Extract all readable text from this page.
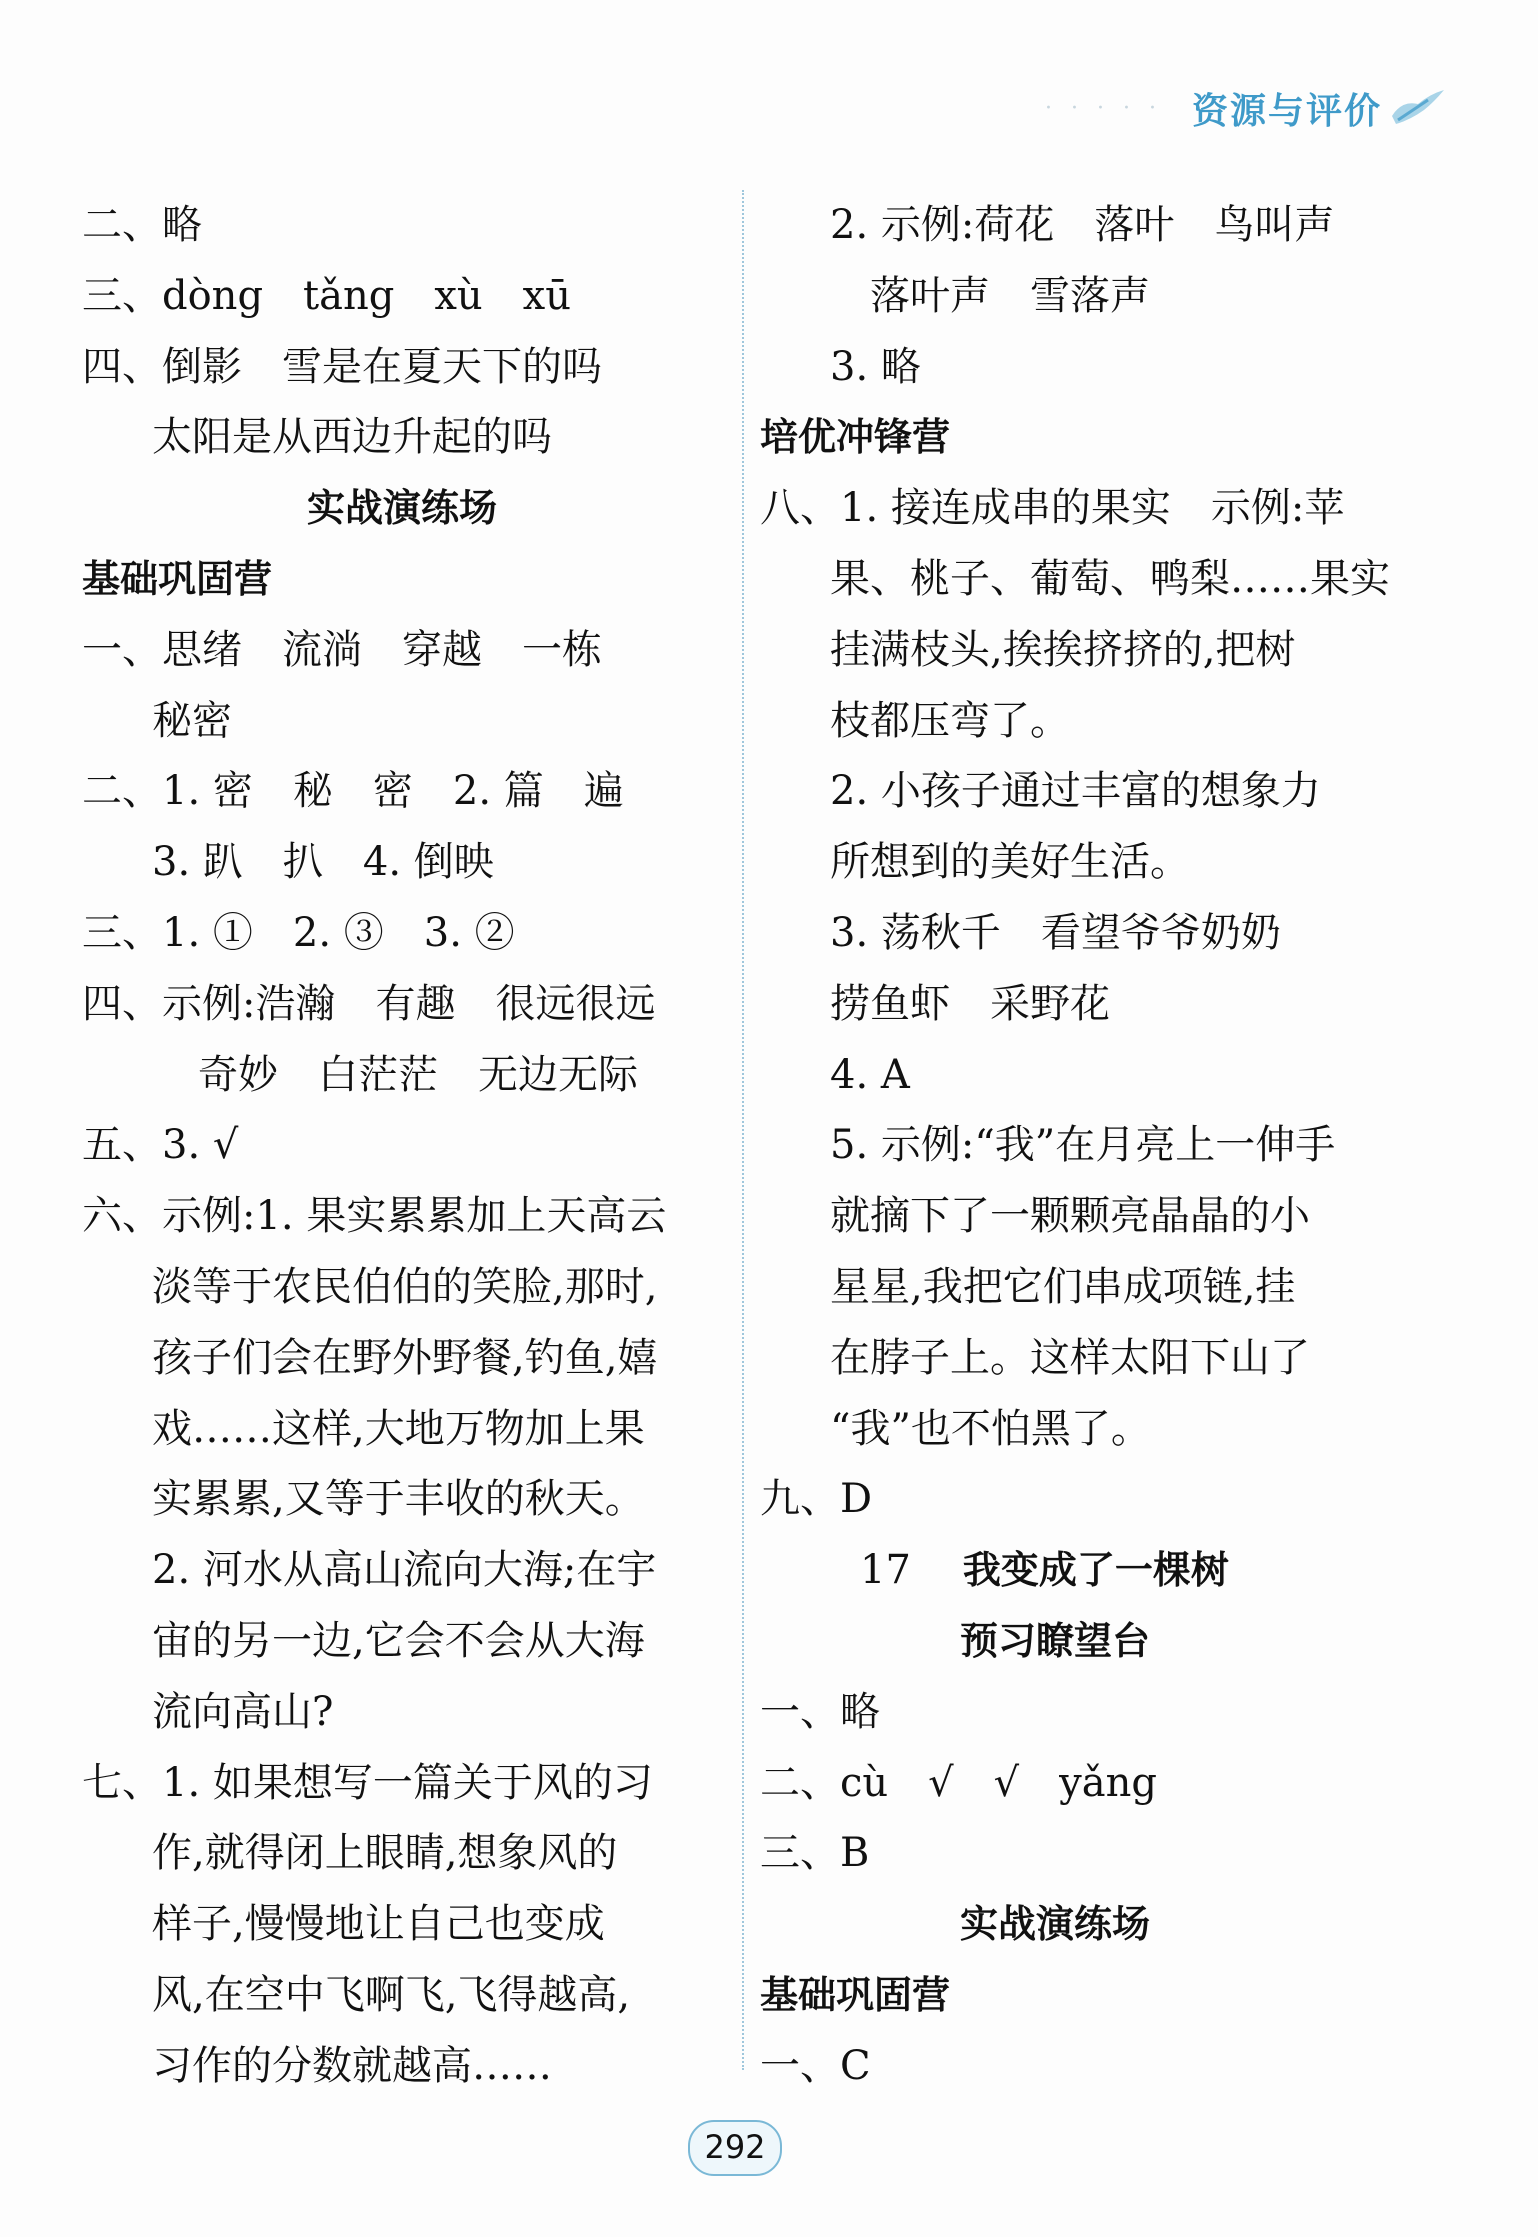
· · · · · 资源与评价
二、略
三、dòng　tǎng　xù　xū
四、倒影　雪是在夏天下的吗
太阳是从西边升起的吗
实战演练场
基础巩固营
一、思绪　流淌　穿越　一栋
秘密
二、1. 密　秘　密　2. 篇　遍
3. 趴　扒　4. 倒映
三、1. ①　2. ③　3. ②
四、示例:浩瀚　有趣　很远很远
奇妙　白茫茫　无边无际
五、3. √
六、示例:1. 果实累累加上天高云
淡等于农民伯伯的笑脸,那时,
孩子们会在野外野餐,钓鱼,嬉
戏……这样,大地万物加上果
实累累,又等于丰收的秋天。
2. 河水从高山流向大海;在宇
宙的另一边,它会不会从大海
流向高山?
七、1. 如果想写一篇关于风的习
作,就得闭上眼睛,想象风的
样子,慢慢地让自己也变成
风,在空中飞啊飞,飞得越高,
习作的分数就越高……
2. 示例:荷花　落叶　鸟叫声
落叶声　雪落声
3. 略
培优冲锋营
八、1. 接连成串的果实　示例:苹
果、桃子、葡萄、鸭梨……果实
挂满枝头,挨挨挤挤的,把树
枝都压弯了。
2. 小孩子通过丰富的想象力
所想到的美好生活。
3. 荡秋千　看望爷爷奶奶
捞鱼虾　采野花
4. A
5. 示例:“我”在月亮上一伸手
就摘下了一颗颗亮晶晶的小
星星,我把它们串成项链,挂
在脖子上。这样太阳下山了
“我”也不怕黑了。
九、D
17 我变成了一棵树
预习瞭望台
一、略
二、cù　√　√　yǎng
三、B
实战演练场
基础巩固营
一、C
292
